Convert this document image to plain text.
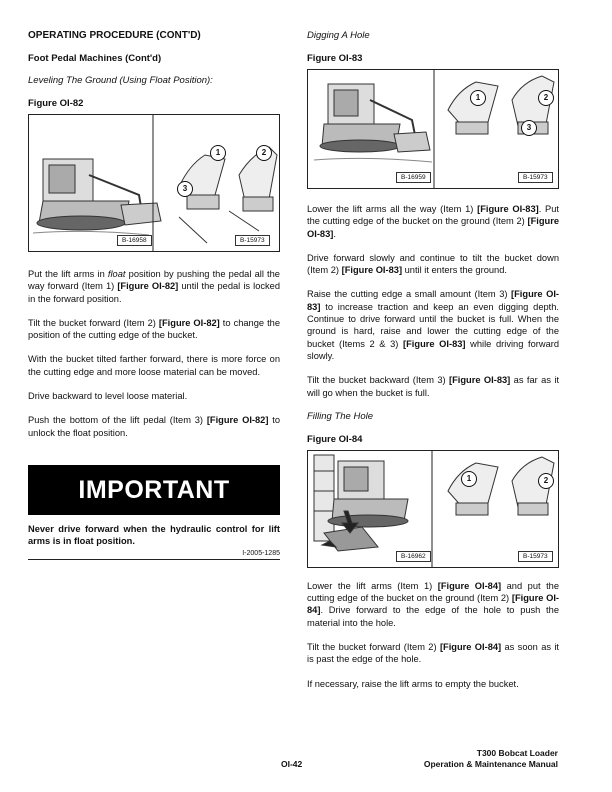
OPERATING PROCEDURE (CONT'D)
Foot Pedal Machines (Cont'd)
Leveling The Ground (Using Float Position):
Figure OI-82
1	2
3
B-16958	B-15973

Put the lift arms in float position by pushing the pedal all the way forward (Item 1) [Figure OI-82] until the pedal is locked in the forward position.

Tilt the bucket forward (Item 2) [Figure OI-82] to change the position of the cutting edge of the bucket.

With the bucket tilted farther forward, there is more force on the cutting edge and more loose material can be moved.

Drive backward to level loose material.

Push the bottom of the lift pedal (Item 3) [Figure OI-82] to unlock the float position.

IMPORTANT
Never drive forward when the hydraulic control for lift arms is in float position.
I-2005-1285
Digging A Hole
Figure OI-83
1	2
3
B-16959	B-15973

Lower the lift arms all the way (Item 1) [Figure OI-83]. Put the cutting edge of the bucket on the ground (Item 2) [Figure OI-83].

Drive forward slowly and continue to tilt the bucket down (Item 2) [Figure OI-83] until it enters the ground.

Raise the cutting edge a small amount (Item 3) [Figure OI-83] to increase traction and keep an even digging depth. Continue to drive forward until the bucket is full. When the ground is hard, raise and lower the cutting edge of the bucket (Items 2 & 3) [Figure OI-83] while driving forward slowly.

Tilt the bucket backward (Item 3) [Figure OI-83] as far as it will go when the bucket is full.

Filling The Hole
Figure OI-84
1	2
B-16962	B-15973

Lower the lift arms (Item 1) [Figure OI-84] and put the cutting edge of the bucket on the ground (Item 2) [Figure OI-84]. Drive forward to the edge of the hole to push the material into the hole.

Tilt the bucket forward (Item 2) [Figure OI-84] as soon as it is past the edge of the hole.

If necessary, raise the lift arms to empty the bucket.

OI-42
T300 Bobcat Loader
Operation & Maintenance Manual
